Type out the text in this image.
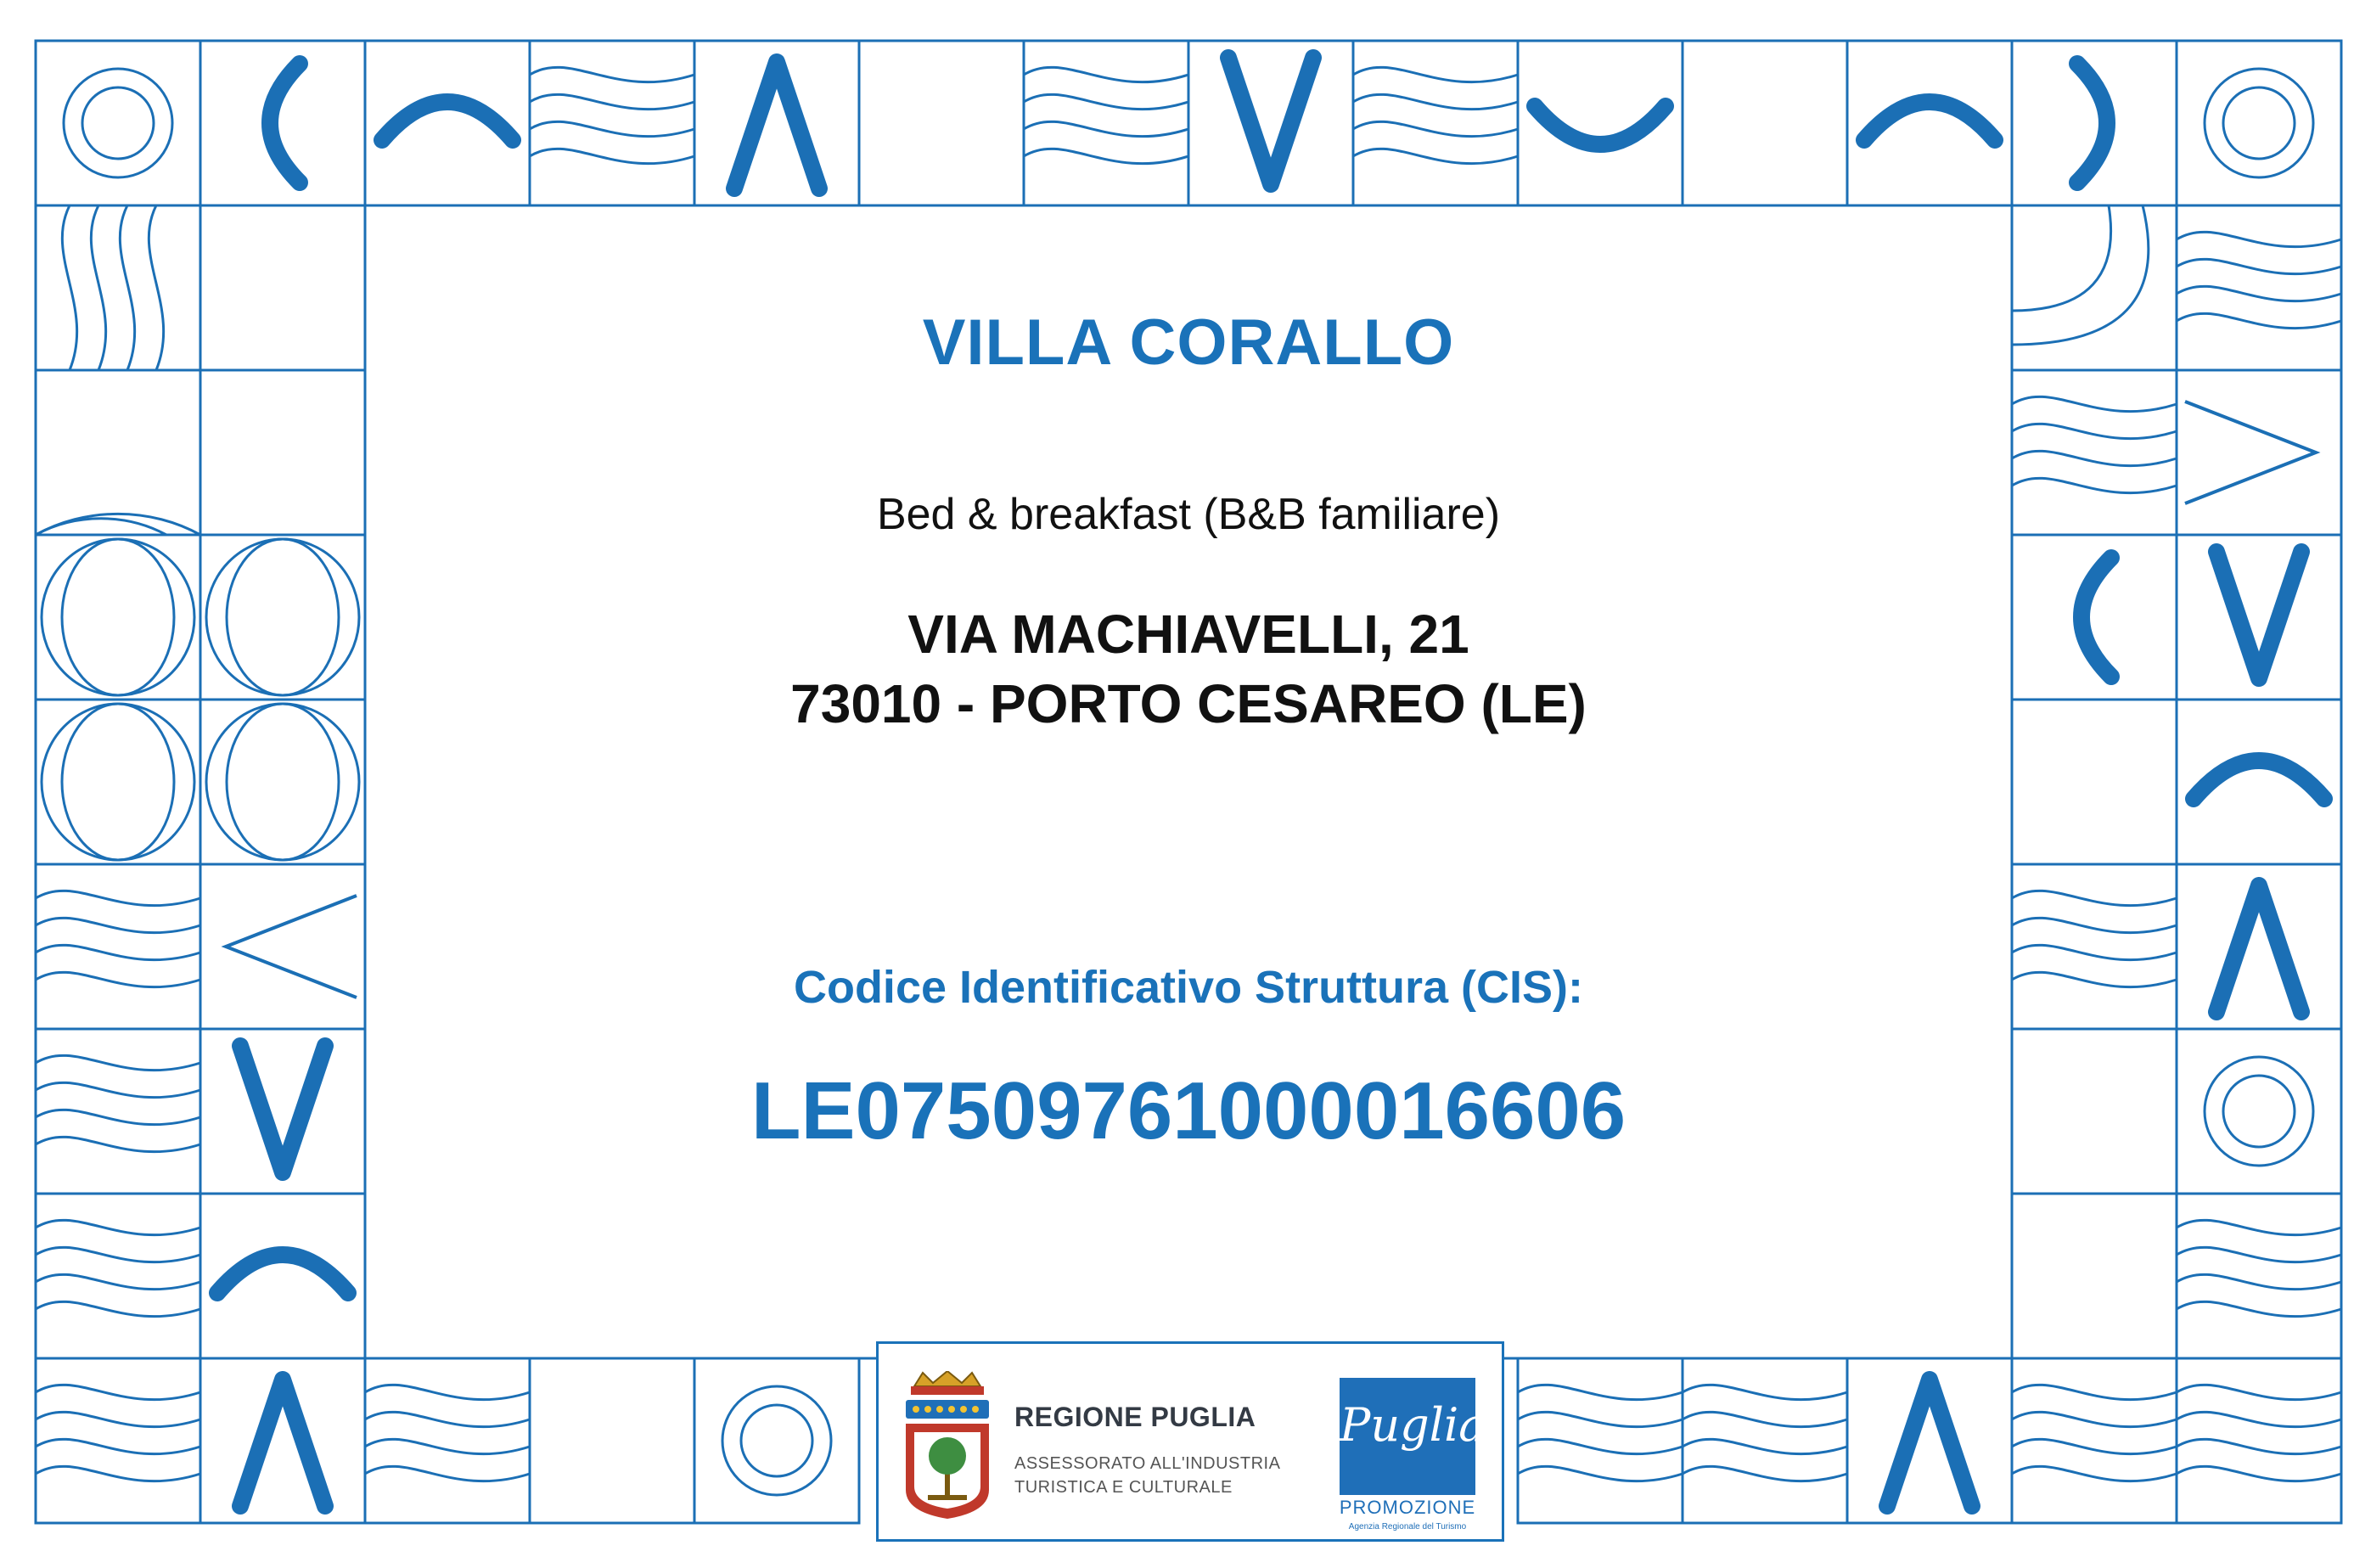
VILLA CORALLO

Bed & breakfast (B&B familiare)

VIA MACHIAVELLI, 21

73010 - PORTO CESAREO (LE)

Codice Identificativo Struttura (CIS):

LE07509761000016606

REGIONE PUGLIA

ASSESSORATO ALL'INDUSTRIA

TURISTICA E CULTURALE

Puglia

PROMOZIONE

Agenzia Regionale del Turismo
